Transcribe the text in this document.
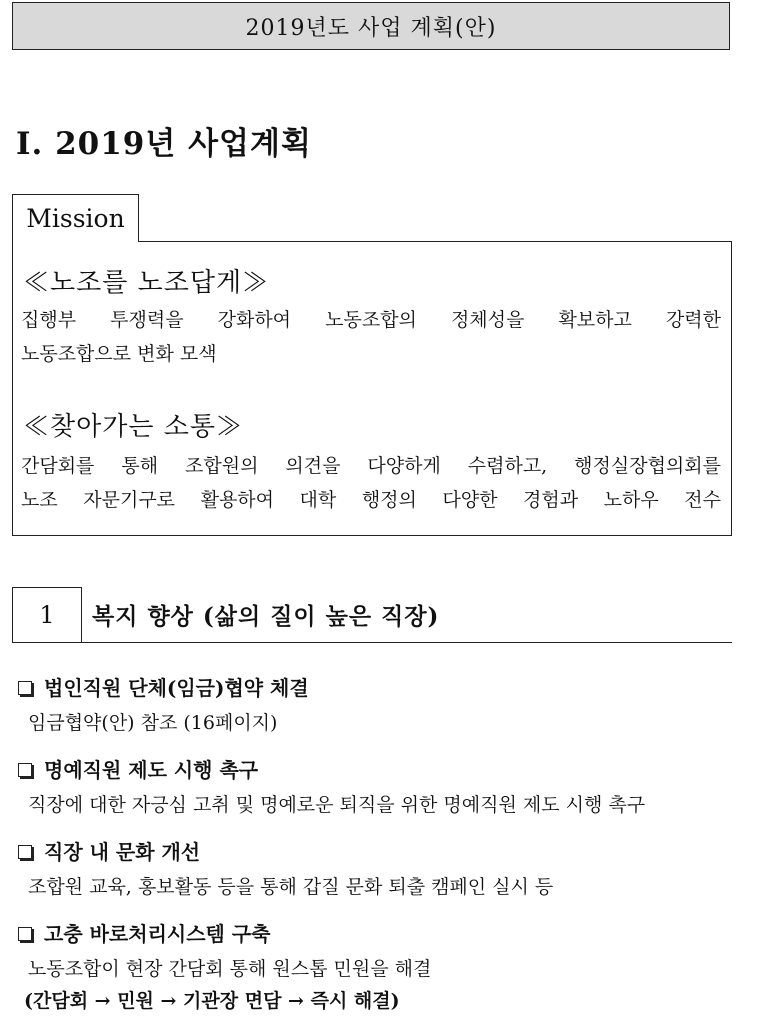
2019년도 사업 계획(안)
Ⅰ. 2019년 사업계획
Mission
≪노조를 노조답게≫
집행부 투쟁력을 강화하여 노동조합의 정체성을 확보하고 강력한
노동조합으로 변화 모색
≪찾아가는 소통≫
간담회를 통해 조합원의 의견을 다양하게 수렴하고, 행정실장협의회를
노조 자문기구로 활용하여 대학 행정의 다양한 경험과 노하우 전수
1 복지 향상 (삶의 질이 높은 직장)
법인직원 단체(임금)협약 체결
임금협약(안) 참조 (16페이지)
명예직원 제도 시행 촉구
직장에 대한 자긍심 고취 및 명예로운 퇴직을 위한 명예직원 제도 시행 촉구
직장 내 문화 개선
조합원 교육, 홍보활동 등을 통해 갑질 문화 퇴출 캠페인 실시 등
고충 바로처리시스템 구축
노동조합이 현장 간담회 통해 원스톱 민원을 해결
(간담회 → 민원 → 기관장 면담 → 즉시 해결)
